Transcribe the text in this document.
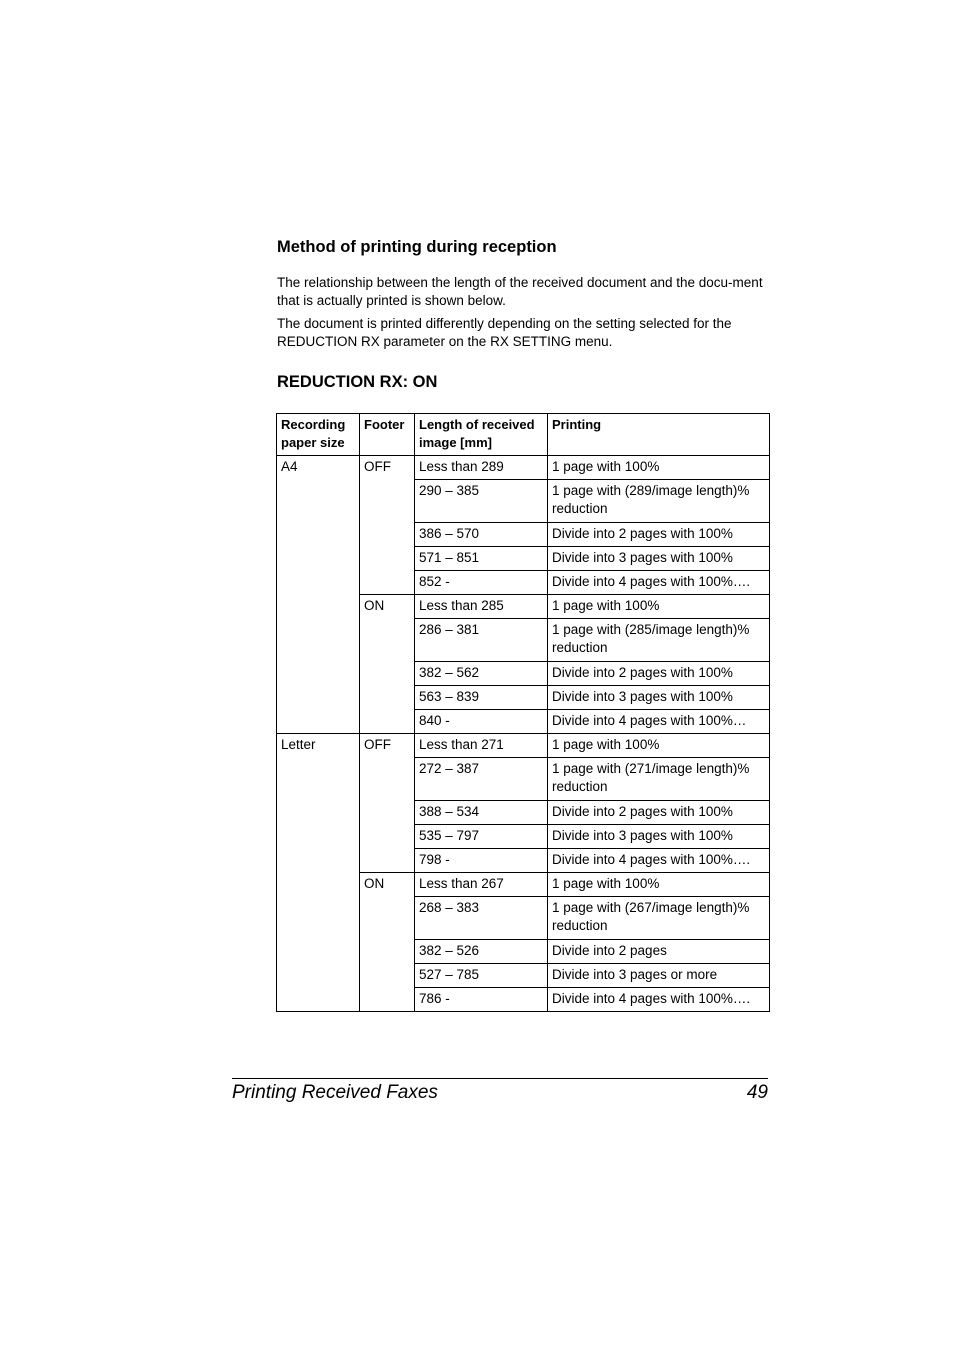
Method of printing during reception

The relationship between the length of the received document and the docu-ment that is actually printed is shown below.

The document is printed differently depending on the setting selected for the REDUCTION RX parameter on the RX SETTING menu.

REDUCTION RX: ON
Recording paper size	Footer	Length of received image [mm]	Printing
A4	OFF	Less than 289	1 page with 100%
		290 – 385	1 page with (289/image length)% reduction
		386 – 570	Divide into 2 pages with 100%
		571 – 851	Divide into 3 pages with 100%
		852 -	Divide into 4 pages with 100%….
	ON	Less than 285	1 page with 100%
		286 – 381	1 page with (285/image length)% reduction
		382 – 562	Divide into 2 pages with 100%
		563 – 839	Divide into 3 pages with 100%
		840 -	Divide into 4 pages with 100%…
Letter	OFF	Less than 271	1 page with 100%
		272 – 387	1 page with (271/image length)% reduction
		388 – 534	Divide into 2 pages with 100%
		535 – 797	Divide into 3 pages with 100%
		798 -	Divide into 4 pages with 100%….
	ON	Less than 267	1 page with 100%
		268 – 383	1 page with (267/image length)% reduction
		382 – 526	Divide into 2 pages
		527 – 785	Divide into 3 pages or more
		786 -	Divide into 4 pages with 100%….
Printing Received Faxes	49
